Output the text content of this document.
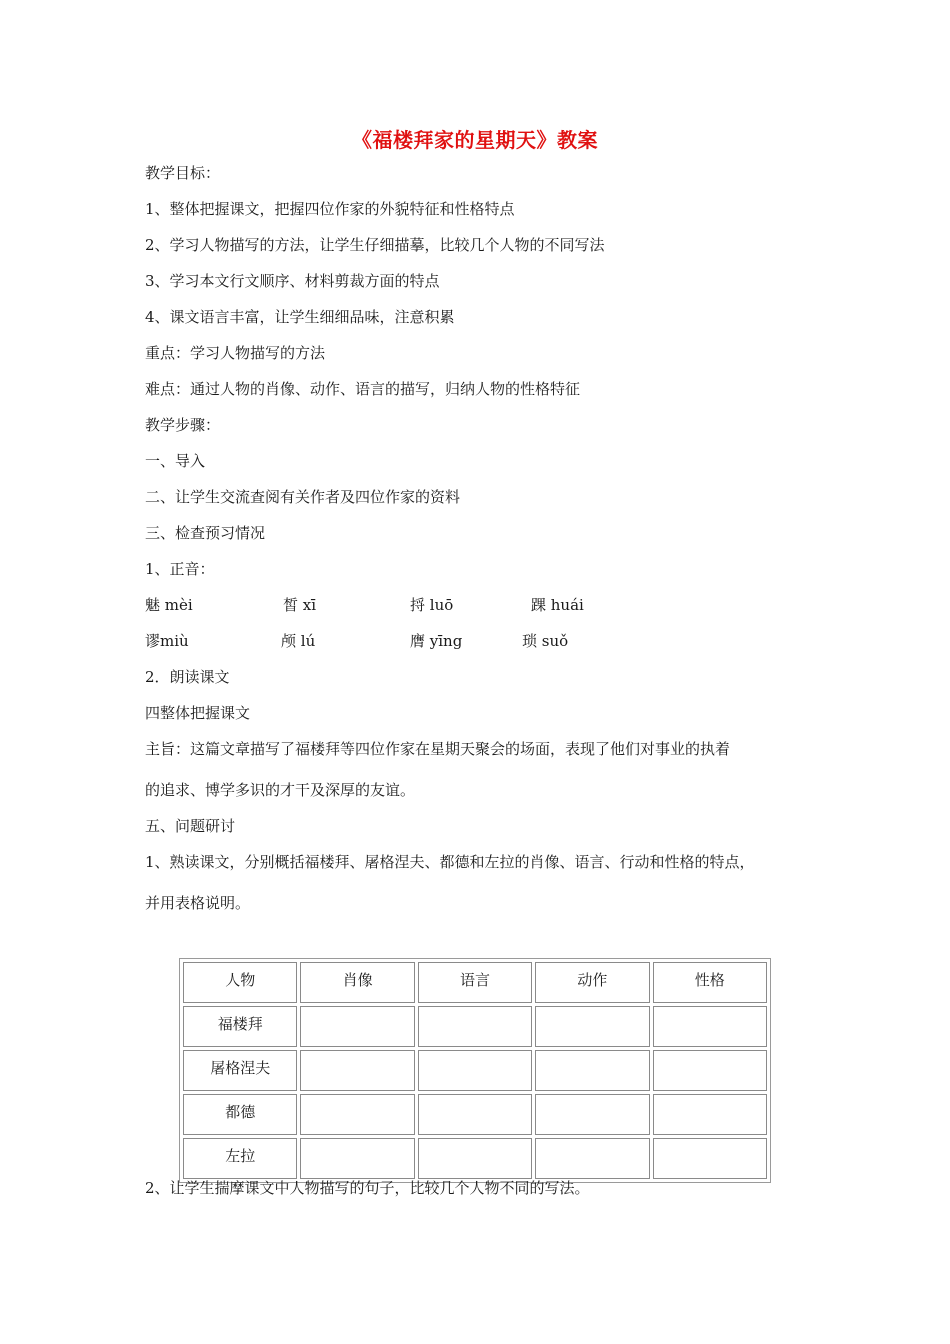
《福楼拜家的星期天》教案
教学目标：
1、整体把握课文，把握四位作家的外貌特征和性格特点
2、学习人物描写的方法，让学生仔细描摹，比较几个人物的不同写法
3、学习本文行文顺序、材料剪裁方面的特点
4、课文语言丰富，让学生细细品味，注意积累
重点：学习人物描写的方法
难点：通过人物的肖像、动作、语言的描写，归纳人物的性格特征
教学步骤：
一、导入
二、让学生交流查阅有关作者及四位作家的资料
三、检查预习情况
1、正音：
魅 mèi	皙 xī	捋 luō	踝 huái
谬miù	颅 lú	膺 yīng	琐 suǒ
2．朗读课文
四整体把握课文
主旨：这篇文章描写了福楼拜等四位作家在星期天聚会的场面，表现了他们对事业的执着
的追求、博学多识的才干及深厚的友谊。
五、问题研讨
1、熟读课文，分别概括福楼拜、屠格涅夫、都德和左拉的肖像、语言、行动和性格的特点，
并用表格说明。
人物	肖像	语言	动作	性格
福楼拜				
屠格涅夫				
都德				
左拉				
2、让学生揣摩课文中人物描写的句子，比较几个人物不同的写法。
